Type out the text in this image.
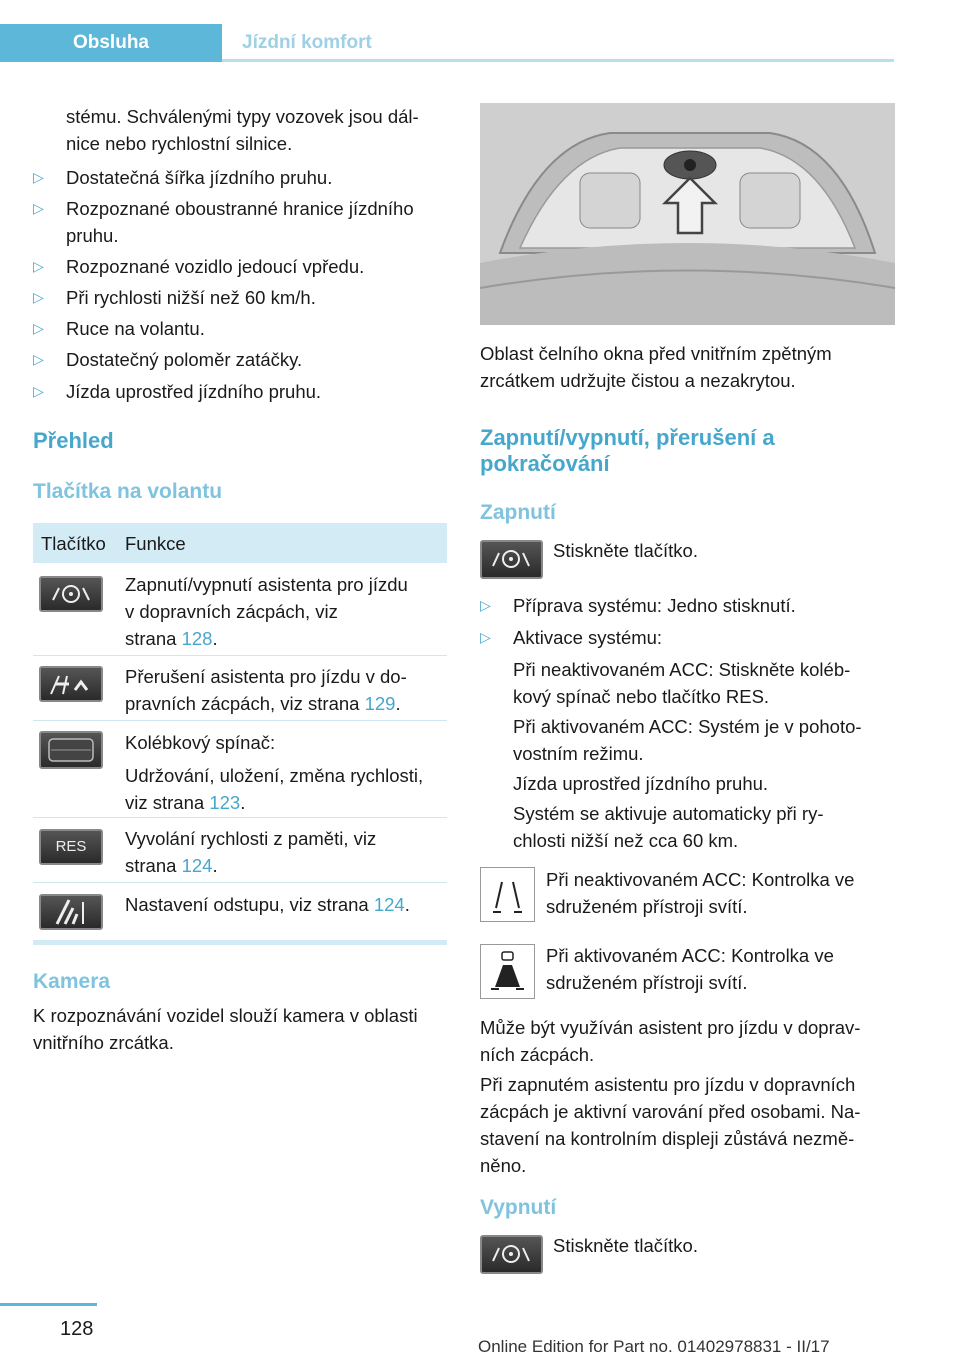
Obsluha	Jízdní komfort
stému. Schválenými typy vozovek jsou dál‐
nice nebo rychlostní silnice.
▷ Dostatečná šířka jízdního pruhu.
▷ Rozpoznané oboustranné hranice jízdního
pruhu.
▷ Rozpoznané vozidlo jedoucí vpředu.
▷ Při rychlosti nižší než 60 km/h.
▷ Ruce na volantu.
▷ Dostatečný poloměr zatáčky.
▷ Jízda uprostřed jízdního pruhu.
Přehled
Tlačítka na volantu
Tlačítko Funkce
Zapnutí/vypnutí asistenta pro jízdu
v dopravních zácpách, viz
strana 128.
Přerušení asistenta pro jízdu v do‐
pravních zácpách, viz strana 129.
Kolébkový spínač:
Udržování, uložení, změna rychlosti,
viz strana 123.
RES	Vyvolání rychlosti z paměti, viz
strana 124.
Nastavení odstupu, viz strana 124.
Kamera
K rozpoznávání vozidel slouží kamera v oblasti
vnitřního zrcátka.
Oblast čelního okna před vnitřním zpětným
zrcátkem udržujte čistou a nezakrytou.
Zapnutí/vypnutí, přerušení a
pokračování
Zapnutí
Stiskněte tlačítko.
▷ Příprava systému: Jedno stisknutí.
▷ Aktivace systému:
Při neaktivovaném ACC: Stiskněte koléb‐
kový spínač nebo tlačítko RES.
Při aktivovaném ACC: Systém je v pohoto‐
vostním režimu.
Jízda uprostřed jízdního pruhu.
Systém se aktivuje automaticky při ry‐
chlosti nižší než cca 60 km.
Při neaktivovaném ACC: Kontrolka ve
sdruženém přístroji svítí.
Při aktivovaném ACC: Kontrolka ve
sdruženém přístroji svítí.
Může být využíván asistent pro jízdu v doprav‐
ních zácpách.
Při zapnutém asistentu pro jízdu v dopravních
zácpách je aktivní varování před osobami. Na‐
stavení na kontrolním displeji zůstává nezmě‐
něno.
Vypnutí
Stiskněte tlačítko.
128
Online Edition for Part no. 01402978831 - II/17
